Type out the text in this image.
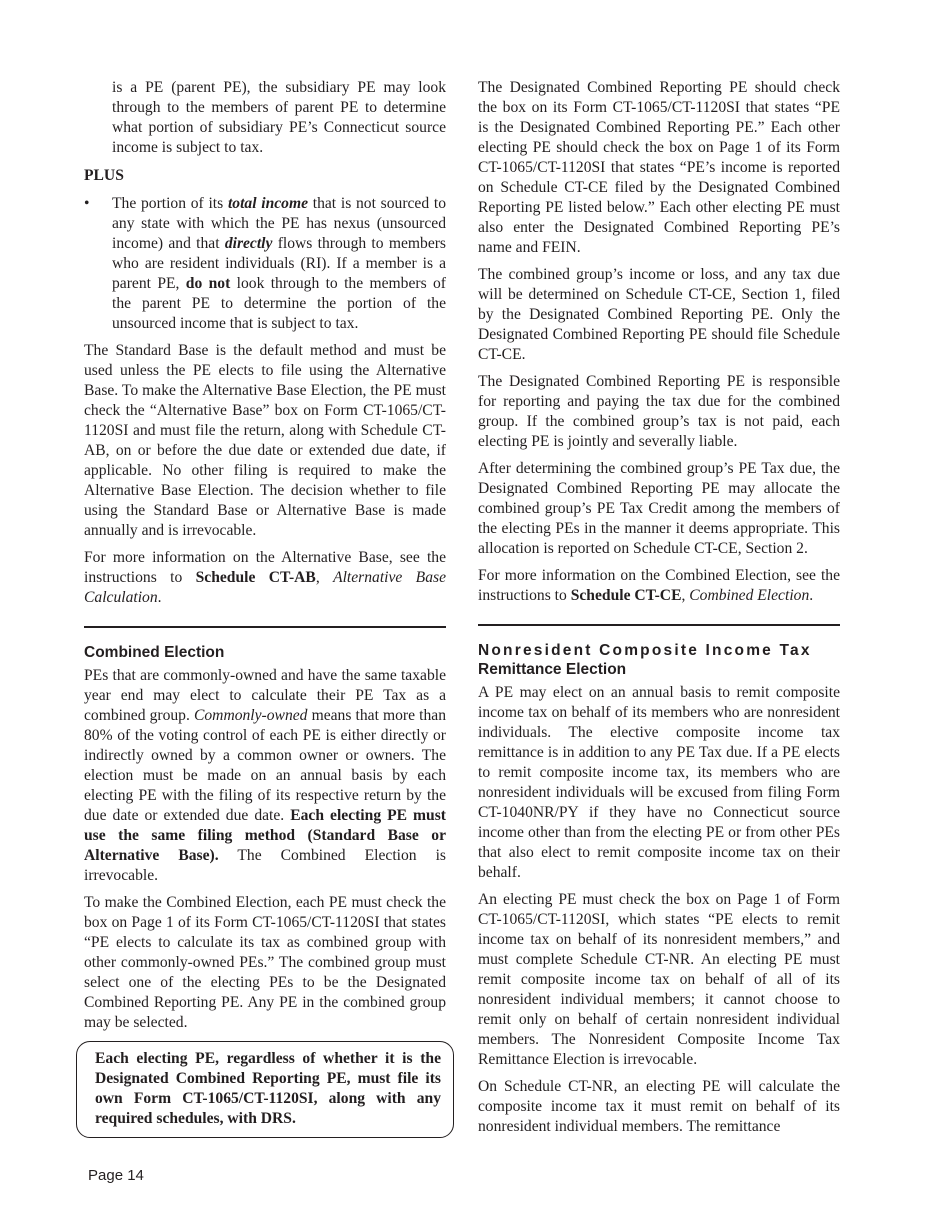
is a PE (parent PE), the subsidiary PE may look through to the members of parent PE to determine what portion of subsidiary PE’s Connecticut source income is subject to tax.

PLUS

•	The portion of its total income that is not sourced to any state with which the PE has nexus (unsourced income) and that directly flows through to members who are resident individuals (RI). If a member is a parent PE, do not look through to the members of the parent PE to determine the portion of the unsourced income that is subject to tax.

The Standard Base is the default method and must be used unless the PE elects to file using the Alternative Base. To make the Alternative Base Election, the PE must check the “Alternative Base” box on Form CT-1065/CT-1120SI and must file the return, along with Schedule CT-AB, on or before the due date or extended due date, if applicable. No other filing is required to make the Alternative Base Election. The decision whether to file using the Standard Base or Alternative Base is made annually and is irrevocable.

For more information on the Alternative Base, see the instructions to Schedule CT-AB, Alternative Base Calculation.

Combined Election

PEs that are commonly-owned and have the same taxable year end may elect to calculate their PE Tax as a combined group. Commonly-owned means that more than 80% of the voting control of each PE is either directly or indirectly owned by a common owner or owners. The election must be made on an annual basis by each electing PE with the filing of its respective return by the due date or extended due date. Each electing PE must use the same filing method (Standard Base or Alternative Base). The Combined Election is irrevocable.

To make the Combined Election, each PE must check the box on Page 1 of its Form CT-1065/CT-1120SI that states “PE elects to calculate its tax as combined group with other commonly-owned PEs.” The combined group must select one of the electing PEs to be the Designated Combined Reporting PE. Any PE in the combined group may be selected.

Each electing PE, regardless of whether it is the Designated Combined Reporting PE, must file its own Form CT-1065/CT-1120SI, along with any required schedules, with DRS.

The Designated Combined Reporting PE should check the box on its Form CT-1065/CT-1120SI that states “PE is the Designated Combined Reporting PE.” Each other electing PE should check the box on Page 1 of its Form CT-1065/CT-1120SI that states “PE’s income is reported on Schedule CT-CE filed by the Designated Combined Reporting PE listed below.” Each other electing PE must also enter the Designated Combined Reporting PE’s name and FEIN.

The combined group’s income or loss, and any tax due will be determined on Schedule CT-CE, Section 1, filed by the Designated Combined Reporting PE. Only the Designated Combined Reporting PE should file Schedule CT-CE.

The Designated Combined Reporting PE is responsible for reporting and paying the tax due for the combined group. If the combined group’s tax is not paid, each electing PE is jointly and severally liable.

After determining the combined group’s PE Tax due, the Designated Combined Reporting PE may allocate the combined group’s PE Tax Credit among the members of the electing PEs in the manner it deems appropriate. This allocation is reported on Schedule CT-CE, Section 2.

For more information on the Combined Election, see the instructions to Schedule CT-CE, Combined Election.

Nonresident Composite Income Tax
Remittance Election

A PE may elect on an annual basis to remit composite income tax on behalf of its members who are nonresident individuals. The elective composite income tax remittance is in addition to any PE Tax due. If a PE elects to remit composite income tax, its members who are nonresident individuals will be excused from filing Form CT-1040NR/PY if they have no Connecticut source income other than from the electing PE or from other PEs that also elect to remit composite income tax on their behalf.

An electing PE must check the box on Page 1 of Form CT-1065/CT-1120SI, which states “PE elects to remit income tax on behalf of its nonresident members,” and must complete Schedule CT-NR. An electing PE must remit composite income tax on behalf of all of its nonresident individual members; it cannot choose to remit only on behalf of certain nonresident individual members. The Nonresident Composite Income Tax Remittance Election is irrevocable.

On Schedule CT-NR, an electing PE will calculate the composite income tax it must remit on behalf of its nonresident individual members. The remittance

Page 14
